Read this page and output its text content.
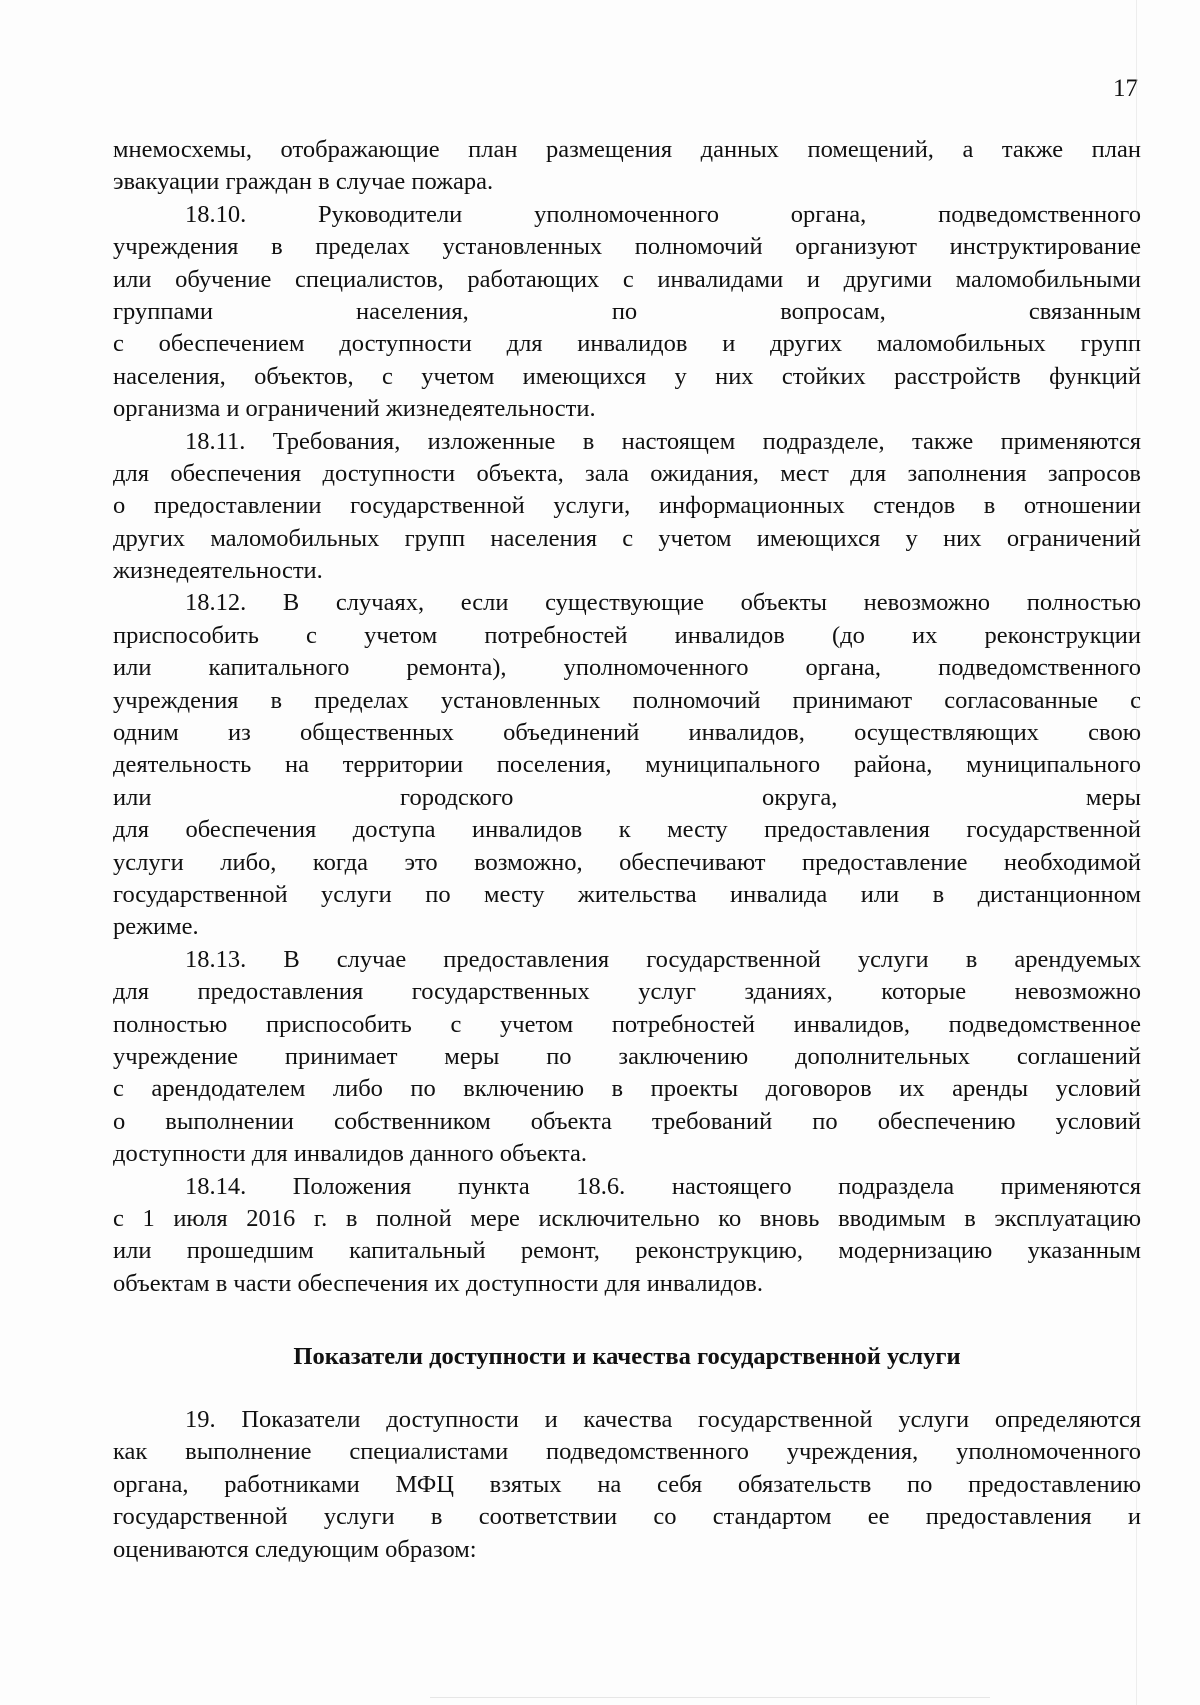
17
мнемосхемы, отображающие план размещения данных помещений, а также план
эвакуации граждан в случае пожара.
18.10. Руководители уполномоченного органа, подведомственного
учреждения в пределах установленных полномочий организуют инструктирование
или обучение специалистов, работающих с инвалидами и другими маломобильными
группами населения, по вопросам, связанным
с обеспечением доступности для инвалидов и других маломобильных групп
населения, объектов, с учетом имеющихся у них стойких расстройств функций
организма и ограничений жизнедеятельности.
18.11. Требования, изложенные в настоящем подразделе, также применяются
для обеспечения доступности объекта, зала ожидания, мест для заполнения запросов
о предоставлении государственной услуги, информационных стендов в отношении
других маломобильных групп населения с учетом имеющихся у них ограничений
жизнедеятельности.
18.12. В случаях, если существующие объекты невозможно полностью
приспособить с учетом потребностей инвалидов (до их реконструкции
или капитального ремонта), уполномоченного органа, подведомственного
учреждения в пределах установленных полномочий принимают согласованные с
одним из общественных объединений инвалидов, осуществляющих свою
деятельность на территории поселения, муниципального района, муниципального
или городского округа, меры
для обеспечения доступа инвалидов к месту предоставления государственной
услуги либо, когда это возможно, обеспечивают предоставление необходимой
государственной услуги по месту жительства инвалида или в дистанционном
режиме.
18.13. В случае предоставления государственной услуги в арендуемых
для предоставления государственных услуг зданиях, которые невозможно
полностью приспособить с учетом потребностей инвалидов, подведомственное
учреждение принимает меры по заключению дополнительных соглашений
с арендодателем либо по включению в проекты договоров их аренды условий
о выполнении собственником объекта требований по обеспечению условий
доступности для инвалидов данного объекта.
18.14. Положения пункта 18.6. настоящего подраздела применяются
с 1 июля 2016 г. в полной мере исключительно ко вновь вводимым в эксплуатацию
или прошедшим капитальный ремонт, реконструкцию, модернизацию указанным
объектам в части обеспечения их доступности для инвалидов.
Показатели доступности и качества государственной услуги
19. Показатели доступности и качества государственной услуги определяются
как выполнение специалистами подведомственного учреждения, уполномоченного
органа, работниками МФЦ взятых на себя обязательств по предоставлению
государственной услуги в соответствии со стандартом ее предоставления и
оцениваются следующим образом:
